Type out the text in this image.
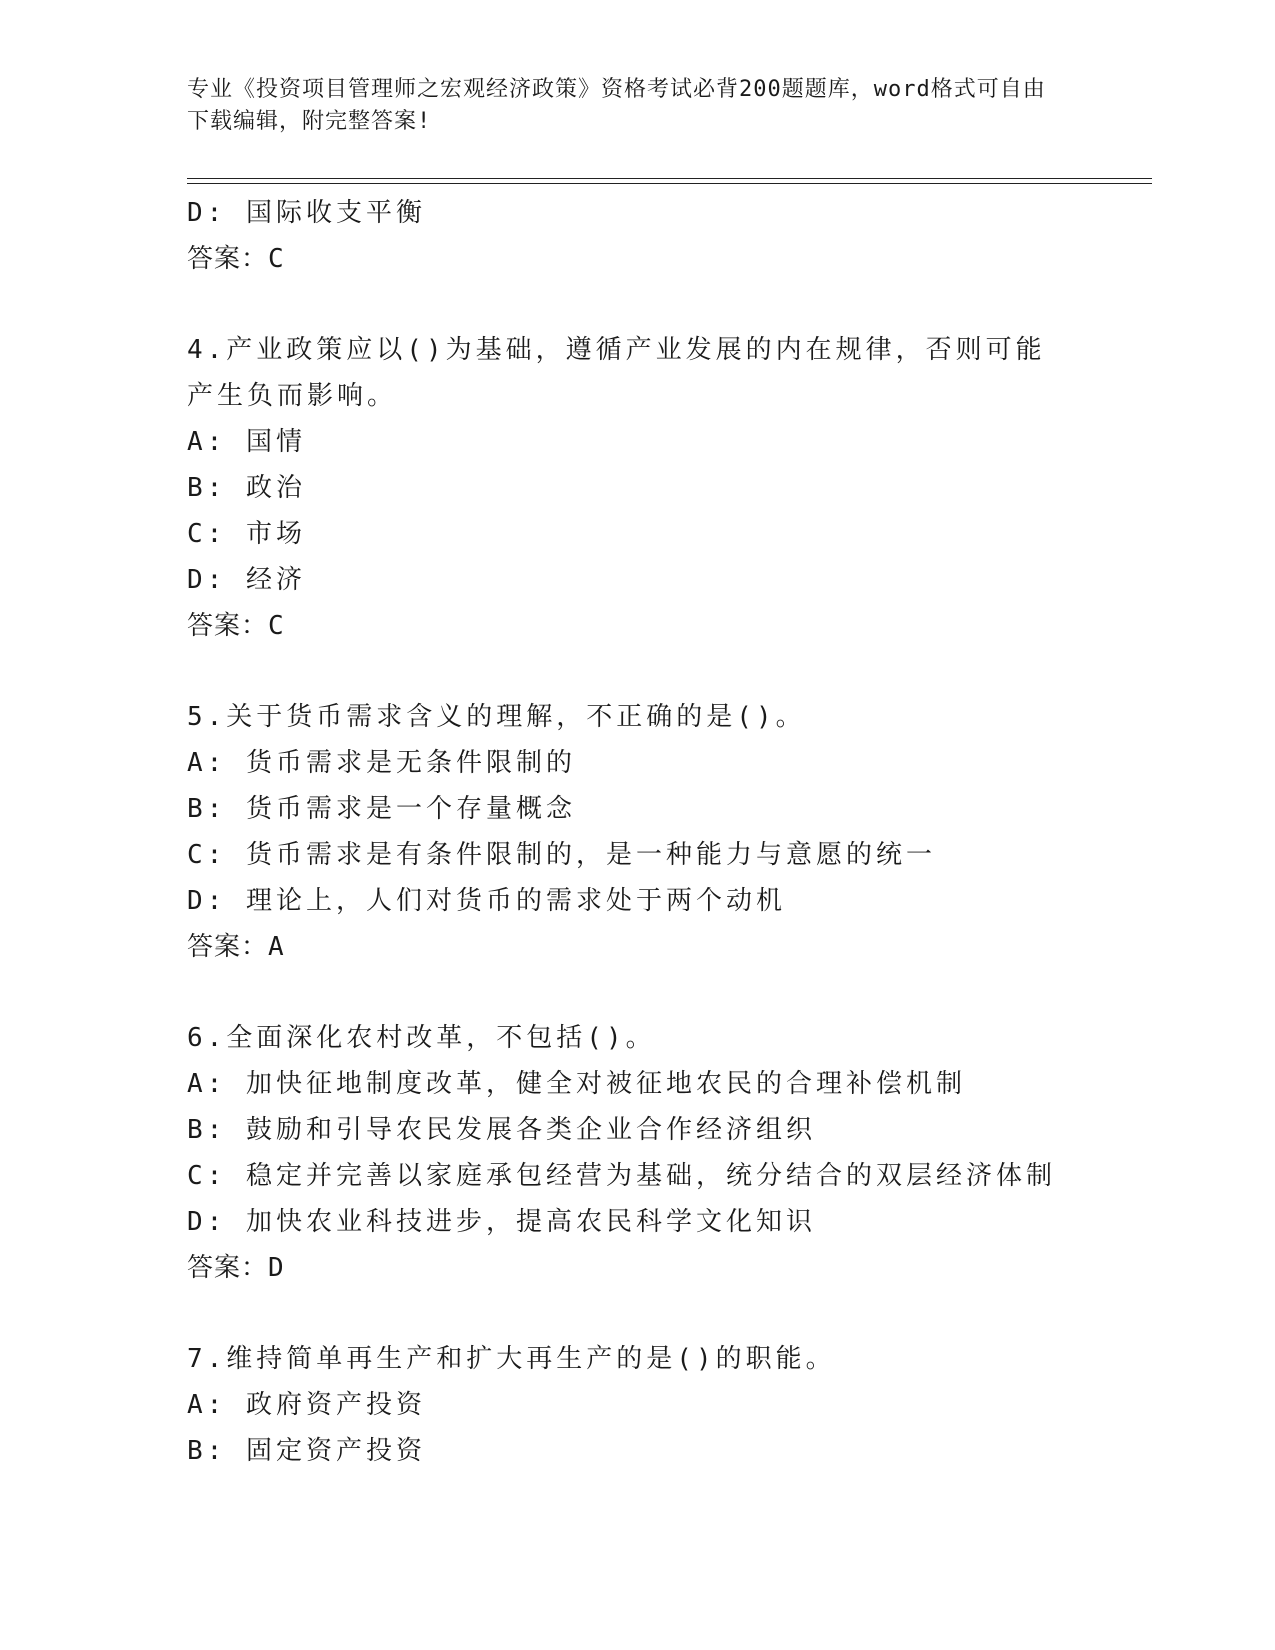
专业《投资项目管理师之宏观经济政策》资格考试必背200题题库，word格式可自由下载编辑，附完整答案!
D: 国际收支平衡
答案：C
4.产业政策应以()为基础，遵循产业发展的内在规律，否则可能产生负而影响。
A: 国情
B: 政治
C: 市场
D: 经济
答案：C
5.关于货币需求含义的理解，不正确的是()。
A: 货币需求是无条件限制的
B: 货币需求是一个存量概念
C: 货币需求是有条件限制的，是一种能力与意愿的统一
D: 理论上，人们对货币的需求处于两个动机
答案：A
6.全面深化农村改革，不包括()。
A: 加快征地制度改革，健全对被征地农民的合理补偿机制
B: 鼓励和引导农民发展各类企业合作经济组织
C: 稳定并完善以家庭承包经营为基础，统分结合的双层经济体制
D: 加快农业科技进步，提高农民科学文化知识
答案：D
7.维持简单再生产和扩大再生产的是()的职能。
A: 政府资产投资
B: 固定资产投资
